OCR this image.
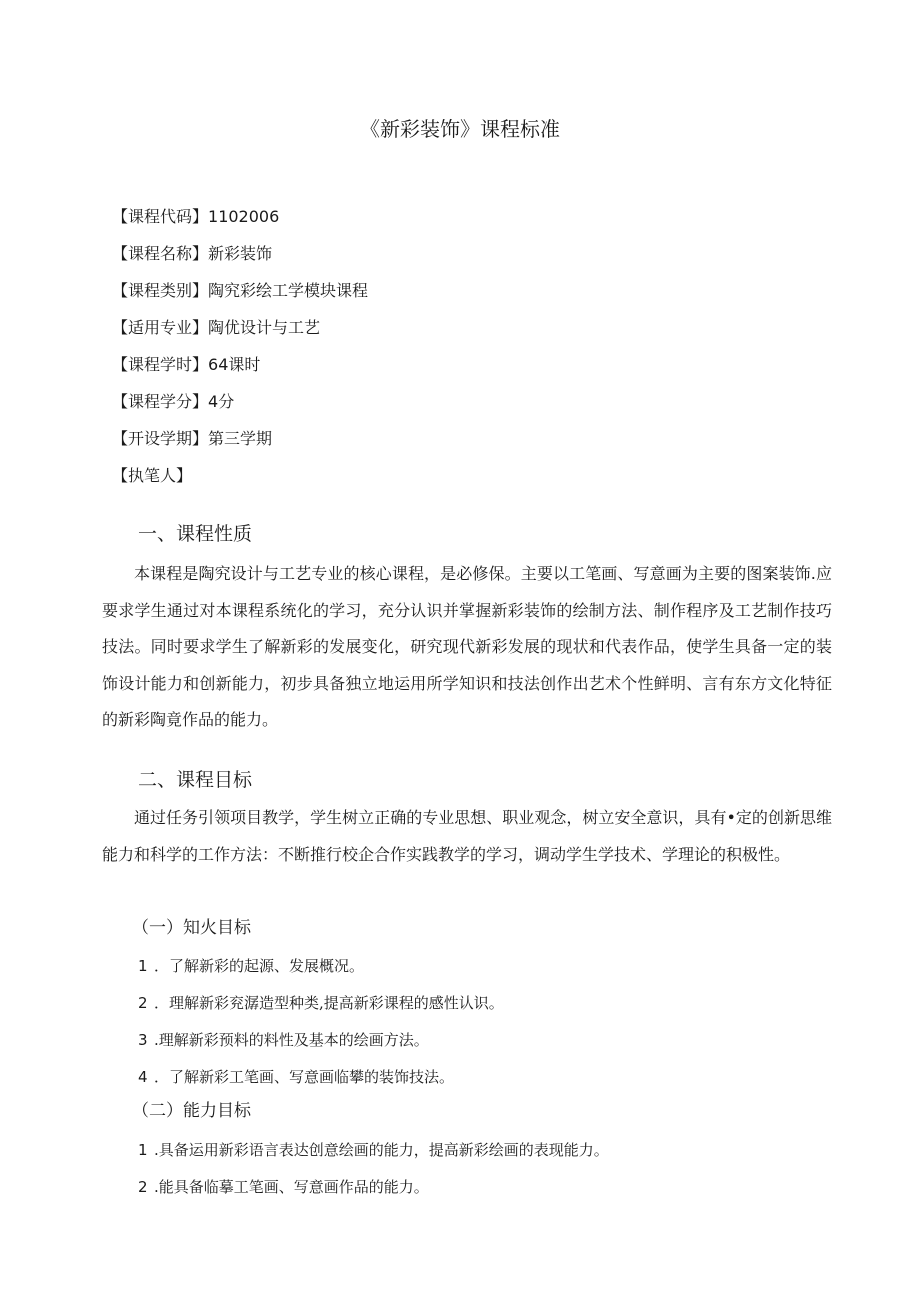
《新彩装饰》课程标准
【课程代码】1102006
【课程名称】新彩装饰
【课程类别】陶究彩绘工学模块课程
【适用专业】陶优设计与工艺
【课程学时】64课时
【课程学分】4分
【开设学期】第三学期
【执笔人】
一、课程性质
本课程是陶究设计与工艺专业的核心课程，是必修保。主要以工笔画、写意画为主要的图案装饰.应要求学生通过对本课程系统化的学习，充分认识并掌握新彩装饰的绘制方法、制作程序及工艺制作技巧技法。同时要求学生了解新彩的发展变化，研究现代新彩发展的现状和代表作品，使学生具备一定的装饰设计能力和创新能力，初步具备独立地运用所学知识和技法创作出艺术个性鲜明、言有东方文化特征的新彩陶竟作品的能力。
二、课程目标
通过任务引领项目教学，学生树立正确的专业思想、职业观念，树立安全意识，具有•定的创新思维能力和科学的工作方法：不断推行校企合作实践教学的学习，调动学生学技术、学理论的积极性。
（一）知火目标
1 ．了解新彩的起源、发展概况。
2 ．理解新彩兖潺造型种类,提高新彩课程的感性认识。
3 .理解新彩预料的料性及基本的绘画方法。
4 ．了解新彩工笔画、写意画临攀的装饰技法。
（二）能力目标
1 .具备运用新彩语言表达创意绘画的能力，提高新彩绘画的表现能力。
2 .能具备临摹工笔画、写意画作品的能力。
